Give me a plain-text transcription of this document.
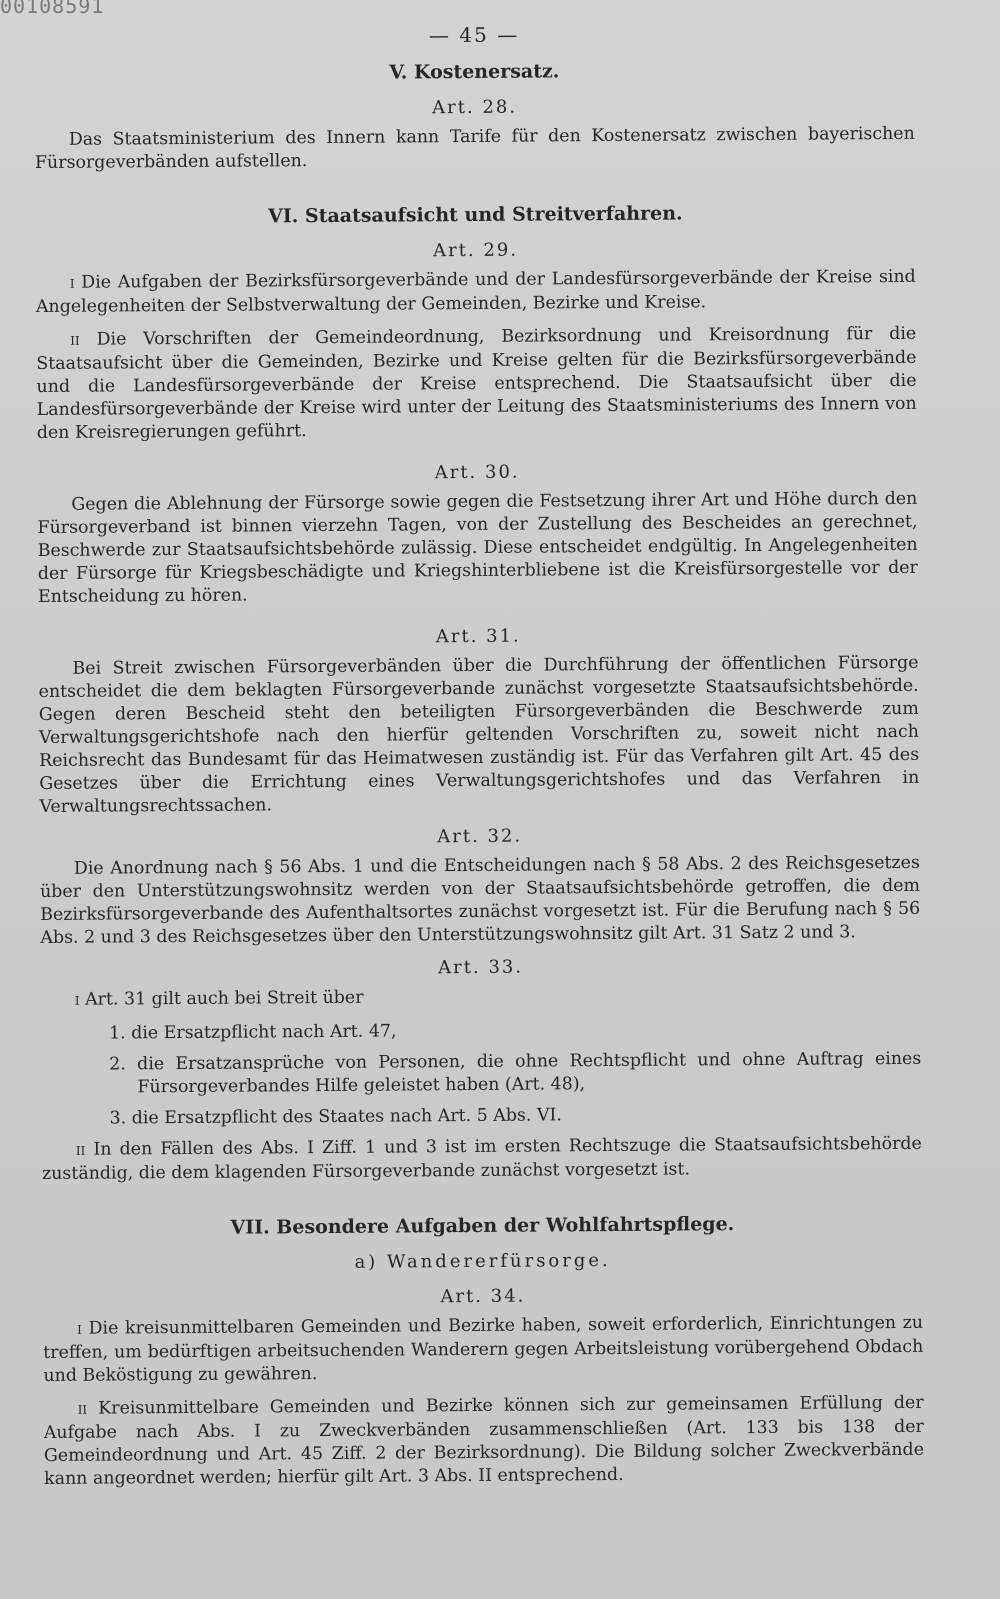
00108591
— 45 —
V. Kostenersatz.
Art. 28.

Das Staatsministerium des Innern kann Tarife für den Kostenersatz zwischen bayerischen Fürsorgeverbänden aufstellen.

VI. Staatsaufsicht und Streitverfahren.
Art. 29.

I Die Aufgaben der Bezirksfürsorgeverbände und der Landesfürsorgeverbände der Kreise sind Angelegenheiten der Selbstverwaltung der Gemeinden, Bezirke und Kreise.

II Die Vorschriften der Gemeindeordnung, Bezirksordnung und Kreisordnung für die Staatsaufsicht über die Gemeinden, Bezirke und Kreise gelten für die Bezirksfürsorgeverbände und die Landesfürsorgeverbände der Kreise entsprechend. Die Staatsaufsicht über die Landesfürsorgeverbände der Kreise wird unter der Leitung des Staatsministeriums des Innern von den Kreisregierungen geführt.

Art. 30.

Gegen die Ablehnung der Fürsorge sowie gegen die Festsetzung ihrer Art und Höhe durch den Fürsorgeverband ist binnen vierzehn Tagen, von der Zustellung des Bescheides an gerechnet, Beschwerde zur Staatsaufsichtsbehörde zulässig. Diese entscheidet endgültig. In Angelegenheiten der Fürsorge für Kriegsbeschädigte und Kriegshinterbliebene ist die Kreisfürsorgestelle vor der Entscheidung zu hören.

Art. 31.

Bei Streit zwischen Fürsorgeverbänden über die Durchführung der öffentlichen Fürsorge entscheidet die dem beklagten Fürsorgeverbande zunächst vorgesetzte Staatsaufsichtsbehörde. Gegen deren Bescheid steht den beteiligten Fürsorgeverbänden die Beschwerde zum Verwaltungsgerichtshofe nach den hierfür geltenden Vorschriften zu, soweit nicht nach Reichsrecht das Bundesamt für das Heimatwesen zuständig ist. Für das Verfahren gilt Art. 45 des Gesetzes über die Errichtung eines Verwaltungsgerichtshofes und das Verfahren in Verwaltungsrechtssachen.

Art. 32.

Die Anordnung nach § 56 Abs. 1 und die Entscheidungen nach § 58 Abs. 2 des Reichsgesetzes über den Unterstützungswohnsitz werden von der Staatsaufsichtsbehörde getroffen, die dem Bezirksfürsorgeverbande des Aufenthaltsortes zunächst vorgesetzt ist. Für die Berufung nach § 56 Abs. 2 und 3 des Reichsgesetzes über den Unterstützungswohnsitz gilt Art. 31 Satz 2 und 3.

Art. 33.

I Art. 31 gilt auch bei Streit über

1. die Ersatzpflicht nach Art. 47,
2. die Ersatzansprüche von Personen, die ohne Rechtspflicht und ohne Auftrag eines Fürsorgeverbandes Hilfe geleistet haben (Art. 48),
3. die Ersatzpflicht des Staates nach Art. 5 Abs. VI.

II In den Fällen des Abs. I Ziff. 1 und 3 ist im ersten Rechtszuge die Staatsaufsichtsbehörde zuständig, die dem klagenden Fürsorgeverbande zunächst vorgesetzt ist.

VII. Besondere Aufgaben der Wohlfahrtspflege.
a) Wandererfürsorge.
Art. 34.

I Die kreisunmittelbaren Gemeinden und Bezirke haben, soweit erforderlich, Einrichtungen zu treffen, um bedürftigen arbeitsuchenden Wanderern gegen Arbeitsleistung vorübergehend Obdach und Beköstigung zu gewähren.

II Kreisunmittelbare Gemeinden und Bezirke können sich zur gemeinsamen Erfüllung der Aufgabe nach Abs. I zu Zweckverbänden zusammenschließen (Art. 133 bis 138 der Gemeindeordnung und Art. 45 Ziff. 2 der Bezirksordnung). Die Bildung solcher Zweckverbände kann angeordnet werden; hierfür gilt Art. 3 Abs. II entsprechend.
